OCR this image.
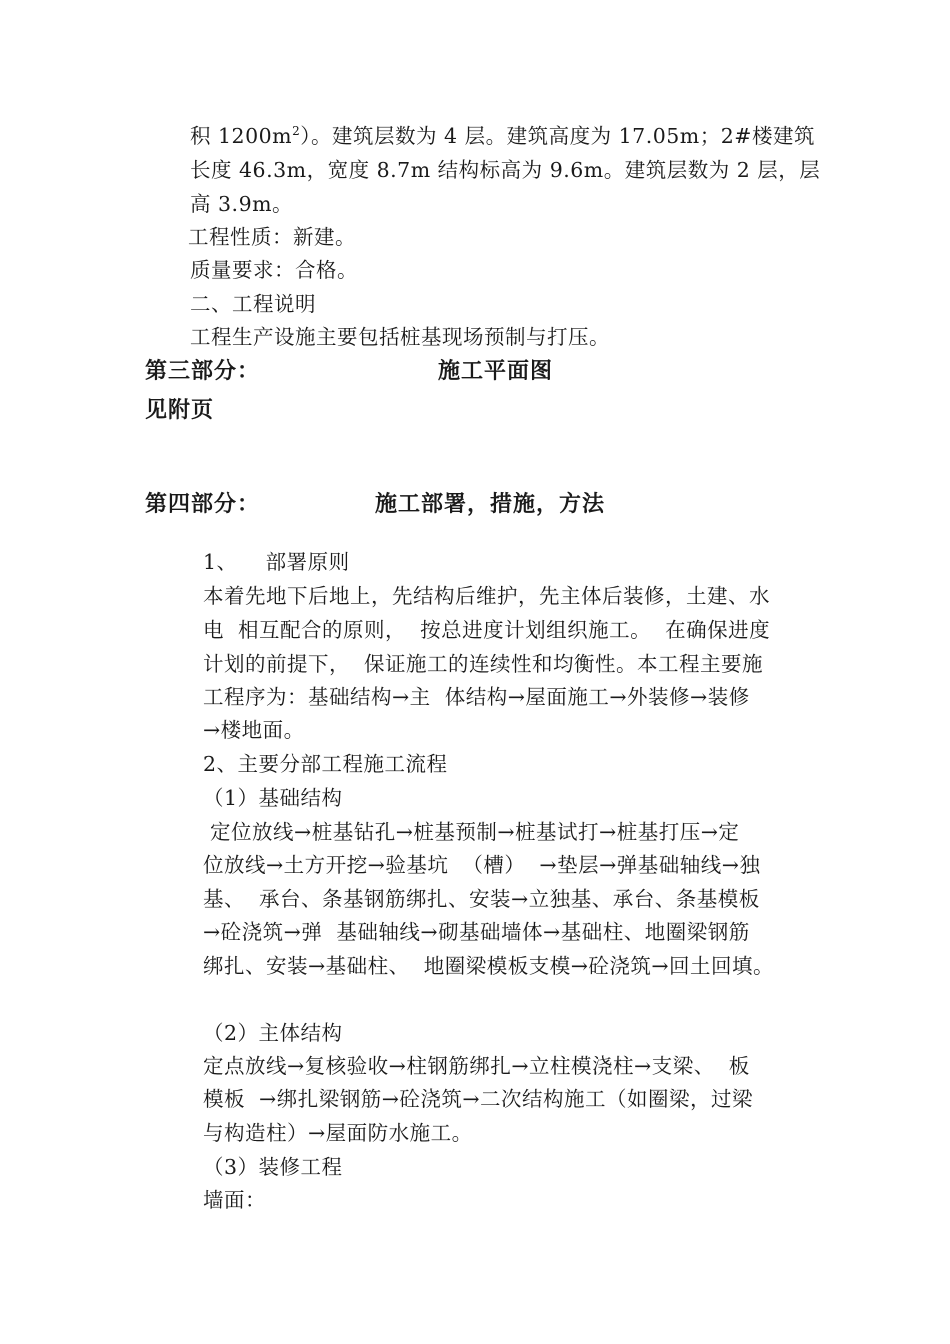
积 $1200m^2$）。建筑层数为 4 层。建筑高度为 17.05m；2#楼建筑
长度 46.3m，宽度 8.7m 结构标高为 9.6m。建筑层数为 2 层，层
高 3.9m。
工程性质：新建。
质量要求：合格。
二、工程说明
工程生产设施主要包括桩基现场预制与打压。
第三部分：	施工平面图
见附页
第四部分：	施工部署，措施，方法
1、    部署原则
本着先地下后地上，先结构后维护，先主体后装修，土建、水
电  相互配合的原则，  按总进度计划组织施工。  在确保进度
计划的前提下，  保证施工的连续性和均衡性。本工程主要施
工程序为：基础结构→主  体结构→屋面施工→外装修→装修
→楼地面。
2、主要分部工程施工流程
（1）基础结构
定位放线→桩基钻孔→桩基预制→桩基试打→桩基打压→定
位放线→土方开挖→验基坑  （槽）  →垫层→弹基础轴线→独
基、  承台、条基钢筋绑扎、安装→立独基、承台、条基模板
→砼浇筑→弹  基础轴线→砌基础墙体→基础柱、地圈梁钢筋
绑扎、安装→基础柱、  地圈梁模板支模→砼浇筑→回土回填。
（2）主体结构
定点放线→复核验收→柱钢筋绑扎→立柱模浇柱→支梁、  板
模板  →绑扎梁钢筋→砼浇筑→二次结构施工（如圈梁，过梁
与构造柱）→屋面防水施工。
（3）装修工程
墙面：
